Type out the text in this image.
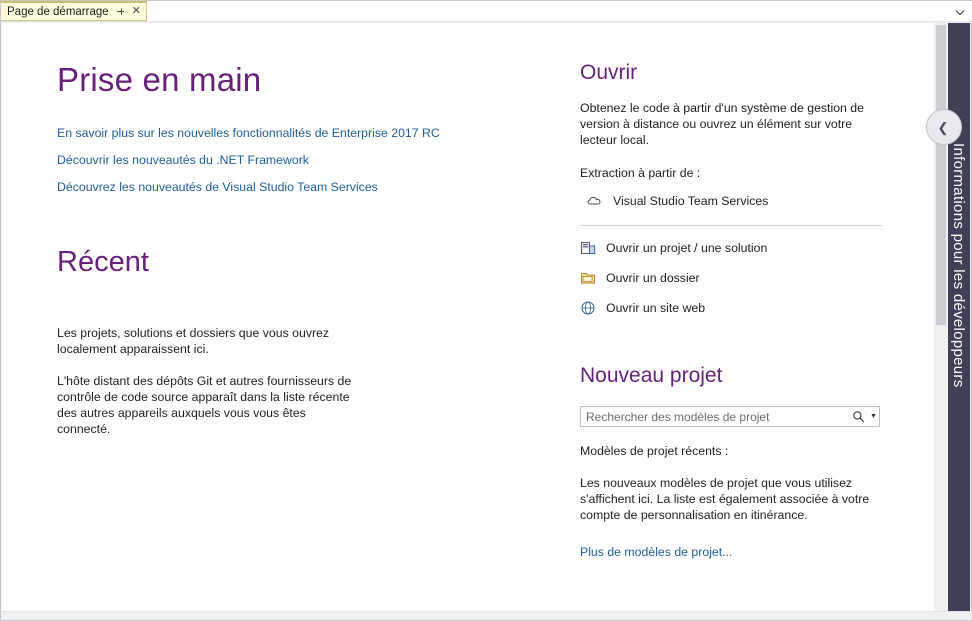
Page de démarrage ✕
Prise en main
En savoir plus sur les nouvelles fonctionnalités de Enterprise 2017 RC
Découvrir les nouveautés du .NET Framework
Découvrez les nouveautés de Visual Studio Team Services
Récent

Les projets, solutions et dossiers que vous ouvrez localement apparaissent ici.

L'hôte distant des dépôts Git et autres fournisseurs de contrôle de code source apparaît dans la liste récente des autres appareils auxquels vous vous êtes connecté.

Ouvrir

Obtenez le code à partir d'un système de gestion de version à distance ou ouvrez un élément sur votre lecteur local.

Extraction à partir de :

Visual Studio Team Services
Ouvrir un projet / une solution
Ouvrir un dossier
Ouvrir un site web
Nouveau projet
Rechercher des modèles de projet
▼

Modèles de projet récents :

Les nouveaux modèles de projet que vous utilisez s'affichent ici. La liste est également associée à votre compte de personnalisation en itinérance.

Plus de modèles de projet...
Informations pour les développeurs
❮
